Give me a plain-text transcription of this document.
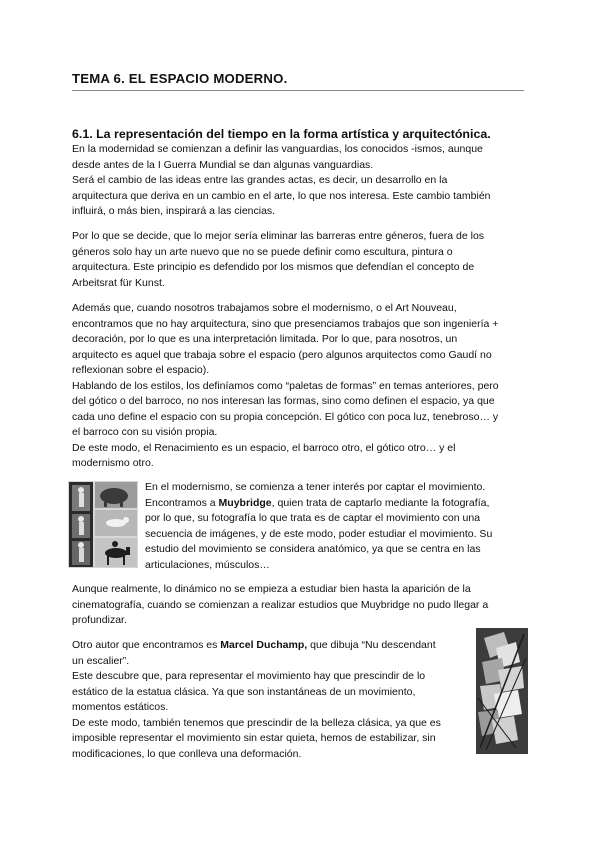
TEMA 6. EL ESPACIO MODERNO.
6.1. La representación del tiempo en la forma artística y arquitectónica.

En la modernidad se comienzan a definir las vanguardias, los conocidos -ismos, aunque
desde antes de la I Guerra Mundial se dan algunas vanguardias.
Será el cambio de las ideas entre las grandes actas, es decir, un desarrollo en la
arquitectura que deriva en un cambio en el arte, lo que nos interesa. Este cambio también
influirá, o más bien, inspirará a las ciencias.

Por lo que se decide, que lo mejor sería eliminar las barreras entre géneros, fuera de los
géneros solo hay un arte nuevo que no se puede definir como escultura, pintura o
arquitectura. Este principio es defendido por los mismos que defendían el concepto de
Arbeitsrat für Kunst.

Además que, cuando nosotros trabajamos sobre el modernismo, o el Art Nouveau,
encontramos que no hay arquitectura, sino que presenciamos trabajos que son ingeniería +
decoración, por lo que es una interpretación limitada. Por lo que, para nosotros, un
arquitecto es aquel que trabaja sobre el espacio (pero algunos arquitectos como Gaudí no
reflexionan sobre el espacio).
Hablando de los estilos, los definíamos como “paletas de formas” en temas anteriores, pero
del gótico o del barroco, no nos interesan las formas, sino como definen el espacio, ya que
cada uno define el espacio con su propia concepción. El gótico con poca luz, tenebroso… y
el barroco con su visión propia.
De este modo, el Renacimiento es un espacio, el barroco otro, el gótico otro… y el
modernismo otro.

En el modernismo, se comienza a tener interés por captar el movimiento.
Encontramos a Muybridge, quien trata de captarlo mediante la fotografía,
por lo que, su fotografía lo que trata es de captar el movimiento con una
secuencia de imágenes, y de este modo, poder estudiar el movimiento. Su
estudio del movimiento se considera anatómico, ya que se centra en las
articulaciones, músculos…

Aunque realmente, lo dinámico no se empieza a estudiar bien hasta la aparición de la
cinematografía, cuando se comienzan a realizar estudios que Muybridge no pudo llegar a
profundizar.

Otro autor que encontramos es Marcel Duchamp, que dibuja “Nu descendant
un escalier”.
Este descubre que, para representar el movimiento hay que prescindir de lo
estático de la estatua clásica. Ya que son instantáneas de un movimiento,
momentos estáticos.
De este modo, también tenemos que prescindir de la belleza clásica, ya que es
imposible representar el movimiento sin estar quieta, hemos de estabilizar, sin
modificaciones, lo que conlleva una deformación.
